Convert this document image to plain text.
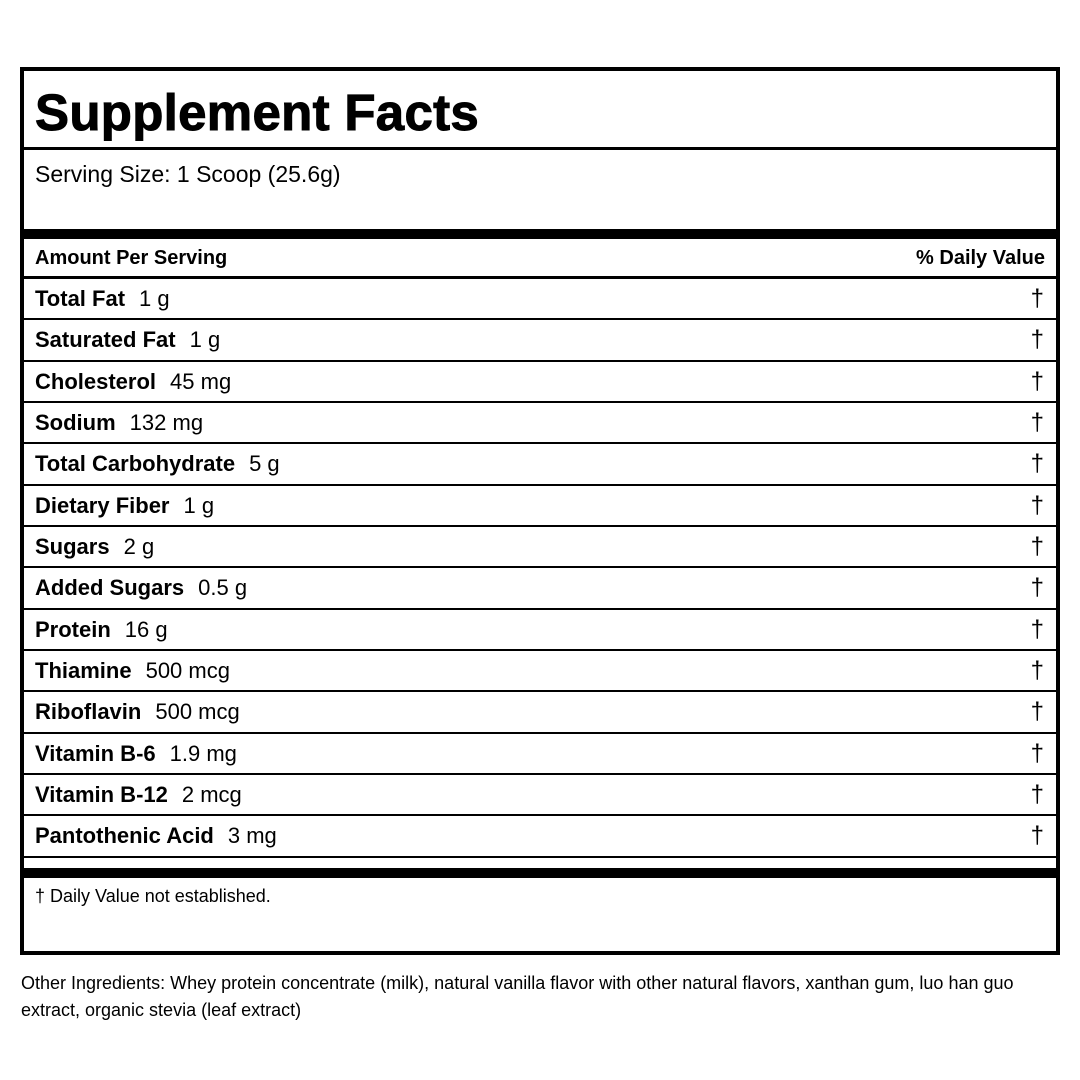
Supplement Facts
Serving Size: 1 Scoop (25.6g)
Amount Per Serving	% Daily Value
Total Fat 1 g	†
Saturated Fat 1 g	†
Cholesterol 45 mg	†
Sodium 132 mg	†
Total Carbohydrate 5 g	†
Dietary Fiber 1 g	†
Sugars 2 g	†
Added Sugars 0.5 g	†
Protein 16 g	†
Thiamine 500 mcg	†
Riboflavin 500 mcg	†
Vitamin B-6 1.9 mg	†
Vitamin B-12 2 mcg	†
Pantothenic Acid 3 mg	†
† Daily Value not established.
Other Ingredients: Whey protein concentrate (milk), natural vanilla flavor with other natural flavors, xanthan gum, luo han guo extract, organic stevia (leaf extract)
